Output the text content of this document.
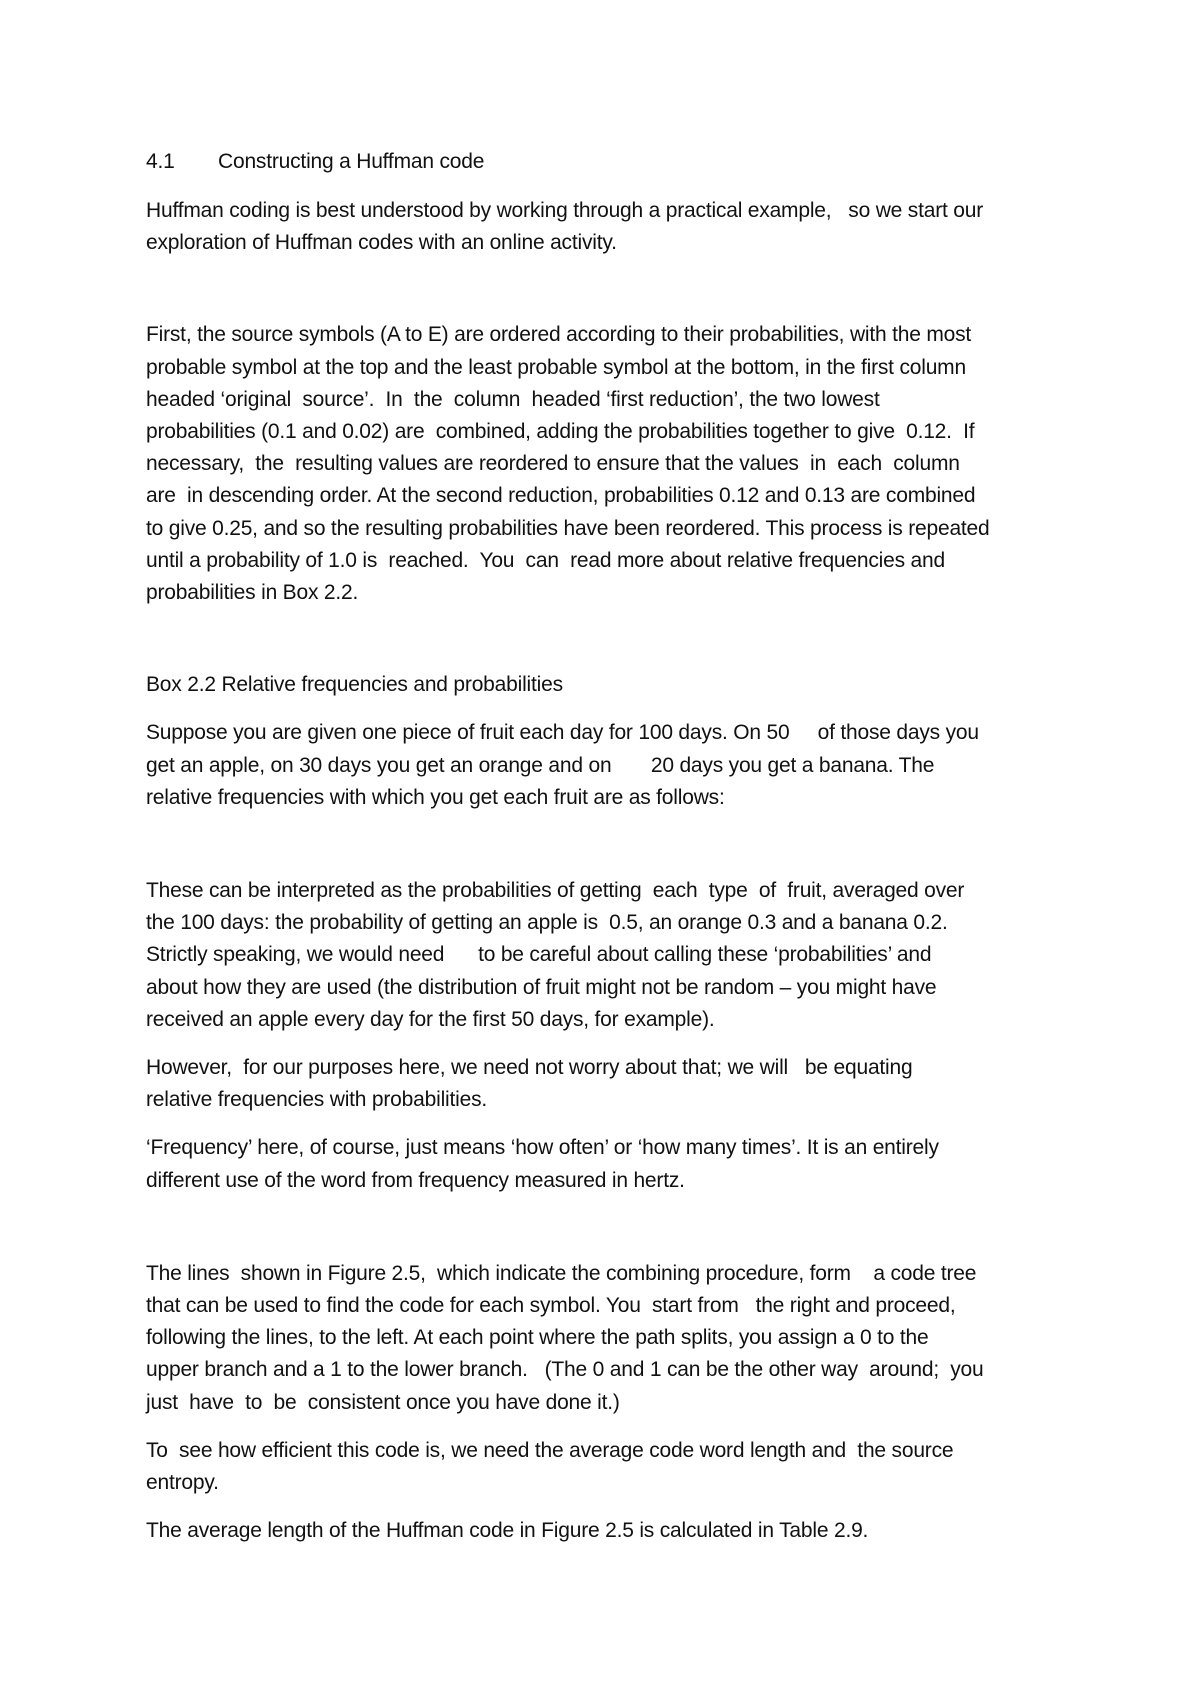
4.1	Constructing a Huffman code

Huffman coding is best understood by working through a practical example,   so we start our
exploration of Huffman codes with an online activity.

First, the source symbols (A to E) are ordered according to their probabilities, with the most
probable symbol at the top and the least probable symbol at the bottom, in the first column
headed ‘original  source’.  In  the  column  headed ‘first reduction’, the two lowest
probabilities (0.1 and 0.02) are  combined, adding the probabilities together to give  0.12.  If
necessary,  the  resulting values are reordered to ensure that the values  in  each  column
are  in descending order. At the second reduction, probabilities 0.12 and 0.13 are combined
to give 0.25, and so the resulting probabilities have been reordered. This process is repeated
until a probability of 1.0 is  reached.  You  can  read more about relative frequencies and
probabilities in Box 2.2.

Box 2.2 Relative frequencies and probabilities

Suppose you are given one piece of fruit each day for 100 days. On 50     of those days you
get an apple, on 30 days you get an orange and on       20 days you get a banana. The
relative frequencies with which you get each fruit are as follows:

These can be interpreted as the probabilities of getting  each  type  of  fruit, averaged over
the 100 days: the probability of getting an apple is  0.5, an orange 0.3 and a banana 0.2.
Strictly speaking, we would need      to be careful about calling these ‘probabilities’ and
about how they are used (the distribution of fruit might not be random – you might have
received an apple every day for the first 50 days, for example).

However,  for our purposes here, we need not worry about that; we will   be equating
relative frequencies with probabilities.

‘Frequency’ here, of course, just means ‘how often’ or ‘how many times’. It is an entirely
different use of the word from frequency measured in hertz.

The lines  shown in Figure 2.5,  which indicate the combining procedure, form    a code tree
that can be used to find the code for each symbol. You  start from   the right and proceed,
following the lines, to the left. At each point where the path splits, you assign a 0 to the
upper branch and a 1 to the lower branch.   (The 0 and 1 can be the other way  around;  you
just  have  to  be  consistent once you have done it.)

To  see how efficient this code is, we need the average code word length and  the source
entropy.

The average length of the Huffman code in Figure 2.5 is calculated in Table 2.9.
